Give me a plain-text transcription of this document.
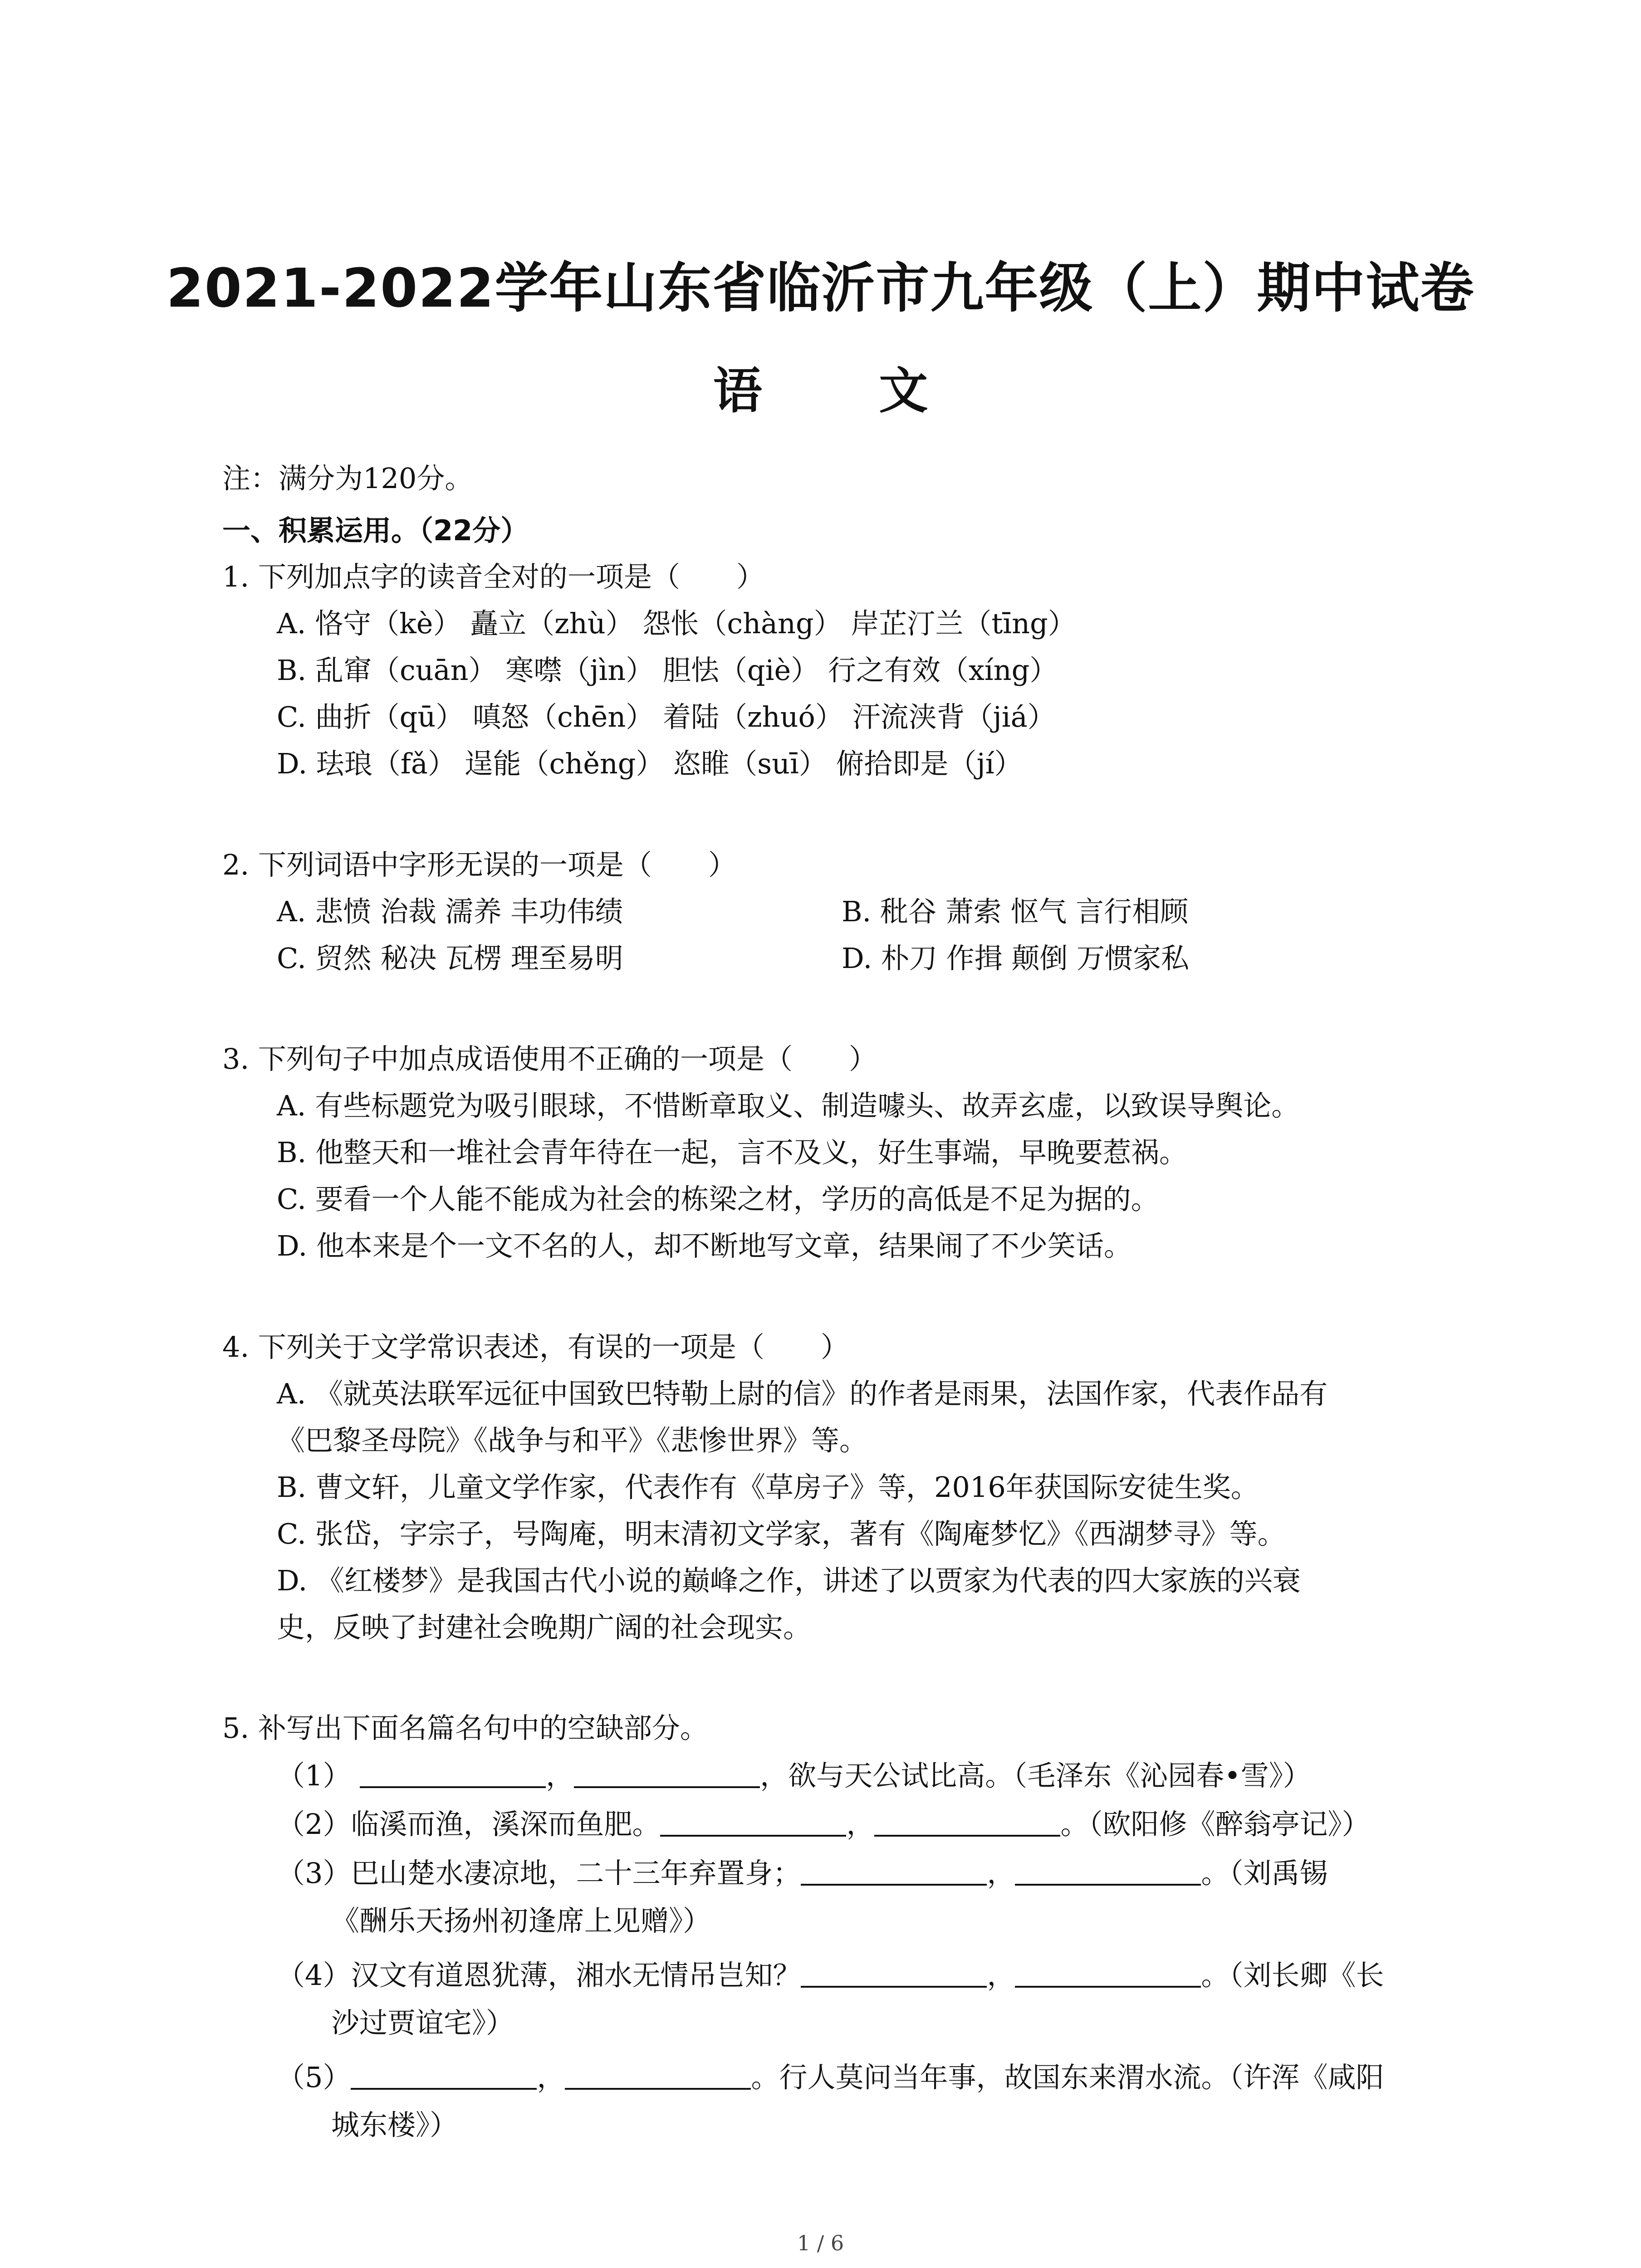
2021-2022学年山东省临沂市九年级（上）期中试卷
语 文
注：满分为120分。
一、积累运用。（22分）
1. 下列加点字的读音全对的一项是（　　）
A. 恪守（kè） 矗立（zhù） 怨怅（chàng） 岸芷汀兰（tīng）
B. 乱窜（cuān） 寒噤（jìn） 胆怯（qiè） 行之有效（xíng）
C. 曲折（qū） 嗔怒（chēn） 着陆（zhuó） 汗流浃背（jiá）
D. 珐琅（fǎ） 逞能（chěng） 恣睢（suī） 俯拾即是（jí）
2. 下列词语中字形无误的一项是（　　）
A. 悲愤 治裁 濡养 丰功伟绩	B. 秕谷 萧索 怄气 言行相顾
C. 贸然 秘决 瓦楞 理至易明	D. 朴刀 作揖 颠倒 万惯家私
3. 下列句子中加点成语使用不正确的一项是（　　）
A. 有些标题党为吸引眼球，不惜断章取义、制造噱头、故弄玄虚，以致误导舆论。
B. 他整天和一堆社会青年待在一起，言不及义，好生事端，早晚要惹祸。
C. 要看一个人能不能成为社会的栋梁之材，学历的高低是不足为据的。
D. 他本来是个一文不名的人，却不断地写文章，结果闹了不少笑话。
4. 下列关于文学常识表述，有误的一项是（　　）
A. 《就英法联军远征中国致巴特勒上尉的信》的作者是雨果，法国作家，代表作品有
《巴黎圣母院》《战争与和平》《悲惨世界》等。
B. 曹文轩，儿童文学作家，代表作有《草房子》等，2016年获国际安徒生奖。
C. 张岱，字宗子，号陶庵，明末清初文学家，著有《陶庵梦忆》《西湖梦寻》等。
D. 《红楼梦》是我国古代小说的巅峰之作，讲述了以贾家为代表的四大家族的兴衰
史，反映了封建社会晚期广阔的社会现实。
5. 补写出下面名篇名句中的空缺部分。
（1）	，	，欲与天公试比高。（毛泽东《沁园春•雪》）
（2）临溪而渔，溪深而鱼肥。	，	。（欧阳修《醉翁亭记》）
（3）巴山楚水凄凉地，二十三年弃置身；	，	。（刘禹锡
《酬乐天扬州初逢席上见赠》）
（4）汉文有道恩犹薄，湘水无情吊岂知？	，	。（刘长卿《长
沙过贾谊宅》）
（5）	，	。行人莫问当年事，故国东来渭水流。（许浑《咸阳
城东楼》）
1 / 6
